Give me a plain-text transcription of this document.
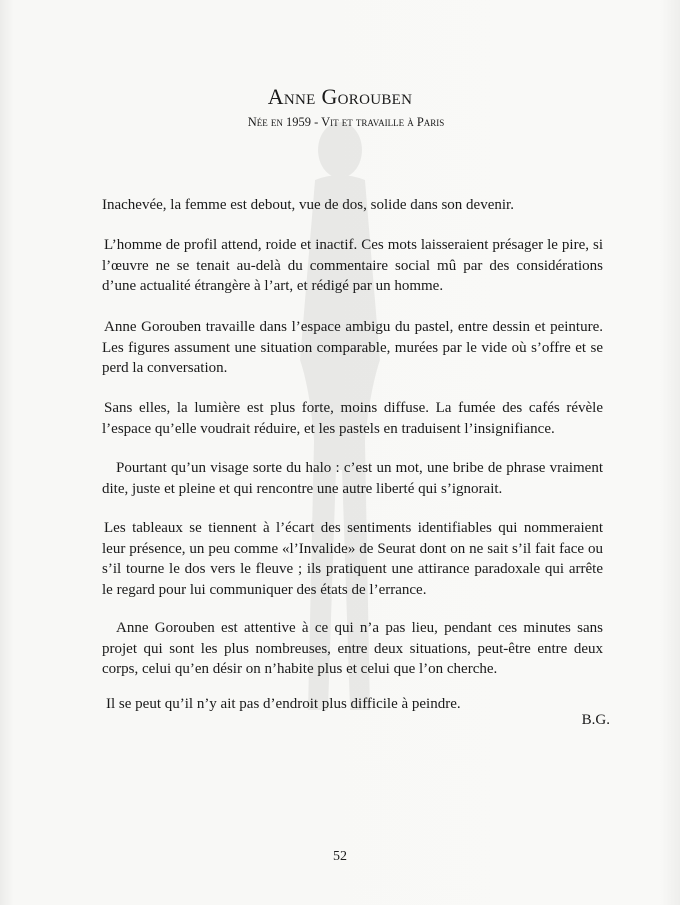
Anne Gorouben
Née en 1959 - Vit et travaille à Paris

Inachevée, la femme est debout, vue de dos, solide dans son devenir.

L’homme de profil attend, roide et inactif. Ces mots laisseraient présager le pire, si l’œuvre ne se tenait au-delà du commentaire social mû par des considérations d’une actualité étrangère à l’art, et rédigé par un homme.

Anne Gorouben travaille dans l’espace ambigu du pastel, entre dessin et peinture. Les figures assument une situation comparable, murées par le vide où s’offre et se perd la conversation.

Sans elles, la lumière est plus forte, moins diffuse. La fumée des cafés révèle l’espace qu’elle voudrait réduire, et les pastels en traduisent l’insignifiance.

Pourtant qu’un visage sorte du halo : c’est un mot, une bribe de phrase vraiment dite, juste et pleine et qui rencontre une autre liberté qui s’ignorait.

Les tableaux se tiennent à l’écart des sentiments identifiables qui nommeraient leur présence, un peu comme «l’Invalide» de Seurat dont on ne sait s’il fait face ou s’il tourne le dos vers le fleuve ; ils pratiquent une attirance paradoxale qui arrête le regard pour lui communiquer des états de l’errance.

Anne Gorouben est attentive à ce qui n’a pas lieu, pendant ces minutes sans projet qui sont les plus nombreuses, entre deux situations, peut-être entre deux corps, celui qu’en désir on n’habite plus et celui que l’on cherche.

Il se peut qu’il n’y ait pas d’endroit plus difficile à peindre.

B.G.
52
